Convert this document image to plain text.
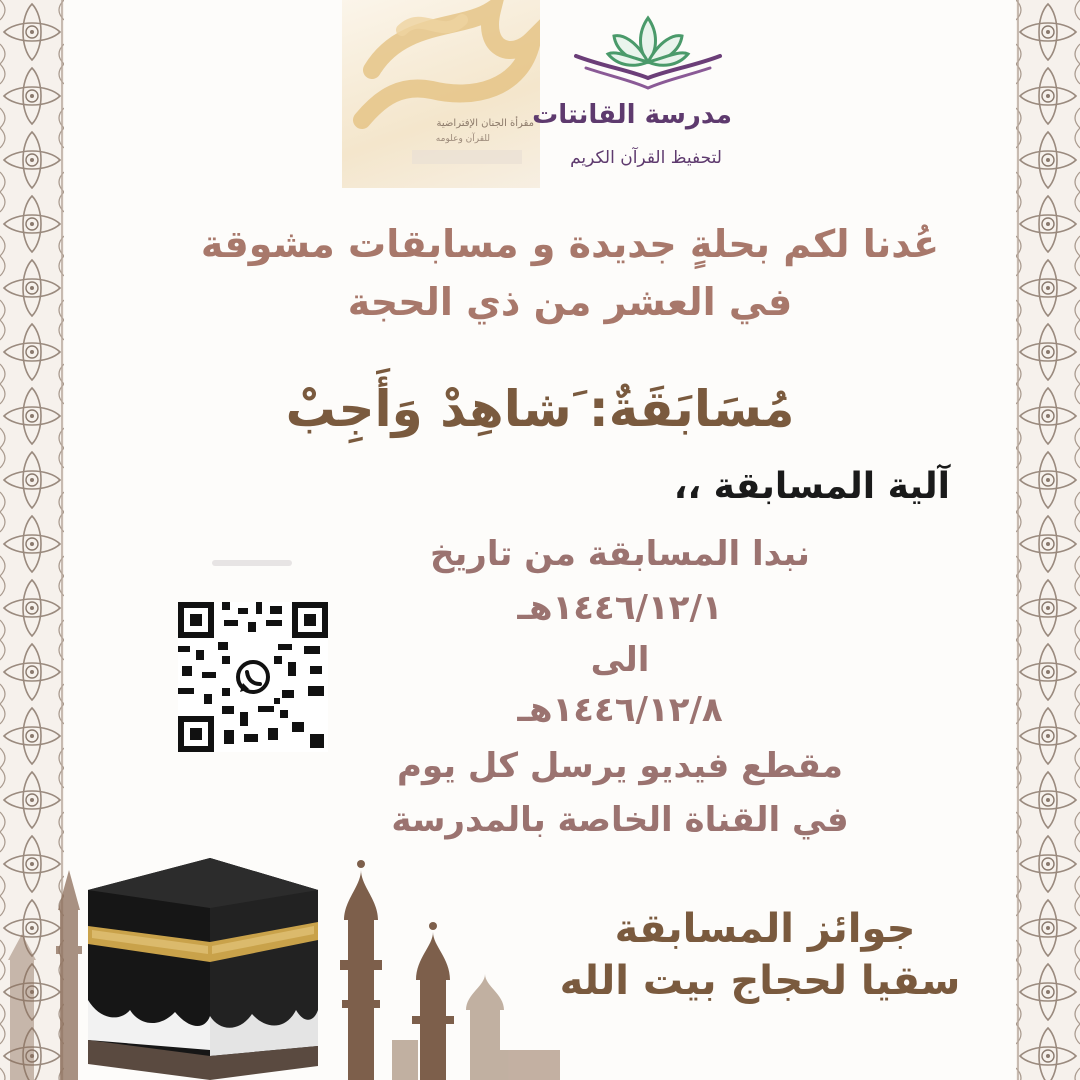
مقرأة الجنان الإفتراضية
للقرآن وعلومه
مدرسة القانتات
لتحفيظ القرآن الكريم
عُدنا لكم بحلةٍ جديدة و مسابقات مشوقة
في العشر من ذي الحجة
مُسَابَقَةٌ: َشاهِدْ وَأَجِبْ
آلية المسابقة ،،
نبدا المسابقة من تاريخ
١٤٤٦/١٢/١هـ
الى
١٤٤٦/١٢/٨هـ
مقطع فيديو يرسل كل يوم
في القناة الخاصة بالمدرسة
جوائز المسابقة
سقيا لحجاج بيت الله
